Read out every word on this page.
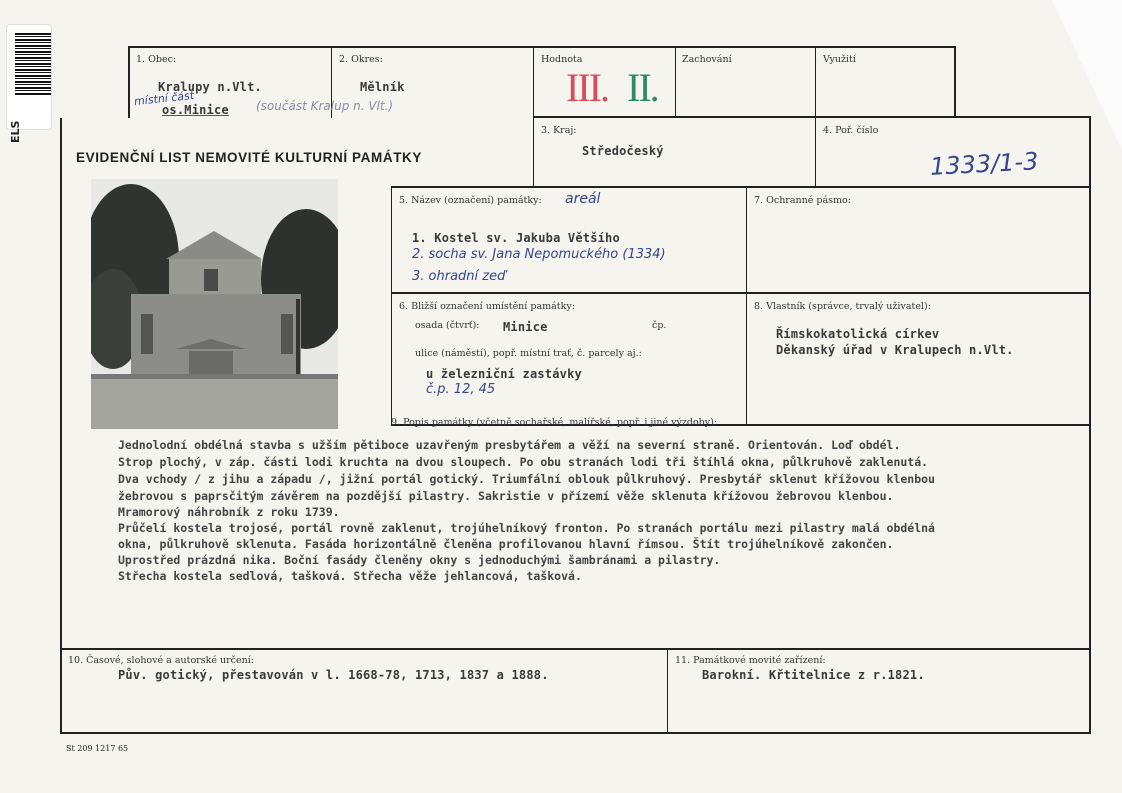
ELS
1. Obec:
Kralupy n.Vlt.
místní část
os.Minice (součást Kralup n. Vlt.)
2. Okres:
Mělník
Hodnota
III. II.
Zachování	Využití
EVIDENČNÍ LIST NEMOVITÉ KULTURNÍ PAMÁTKY
3. Kraj:
Středočeský
4. Poř. číslo
1333/1-3
5. Název (označení) památky: areál
1. Kostel sv. Jakuba Většího
2. socha sv. Jana Nepomuckého (1334)
3. ohradní zeď
7. Ochranné pásmo:
6. Bližší označení umístění památky:
osada (čtvrť): Minice	čp.
ulice (náměstí), popř. místní trať, č. parcely aj.:
u železniční zastávky
č.p. 12, 45
8. Vlastník (správce, trvalý uživatel):
Římskokatolická církev
Děkanský úřad v Kralupech n.Vlt.
9. Popis památky (včetně sochařské, malířské, popř. i jiné výzdoby):
Jednolodní obdélná stavba s užším pětiboce uzavřeným presbytářem a věží na severní straně. Orientován. Loď obdél.
Strop plochý, v záp. části lodi kruchta na dvou sloupech. Po obu stranách lodi tři štíhlá okna, půlkruhově zaklenutá.
Dva vchody / z jihu a západu /, jižní portál gotický. Triumfální oblouk půlkruhový. Presbytář sklenut křížovou klenbou
žebrovou s paprsčitým závěrem na pozdější pilastry. Sakristie v přízemí věže sklenuta křížovou žebrovou klenbou.
Mramorový náhrobník z roku 1739.
Průčelí kostela trojosé, portál rovně zaklenut, trojúhelníkový fronton. Po stranách portálu mezi pilastry malá obdélná
okna, půlkruhově sklenuta. Fasáda horizontálně členěna profilovanou hlavní římsou. Štít trojúhelníkově zakončen.
Uprostřed prázdná nika. Boční fasády členěny okny s jednoduchými šambránami a pilastry.
Střecha kostela sedlová, tašková. Střecha věže jehlancová, tašková.
10. Časové, slohové a autorské určení:
Pův. gotický, přestavován v l. 1668-78, 1713, 1837 a 1888.
11. Památkové movité zařízení:
Barokní. Křtitelnice z r.1821.
St 209 1217 65
